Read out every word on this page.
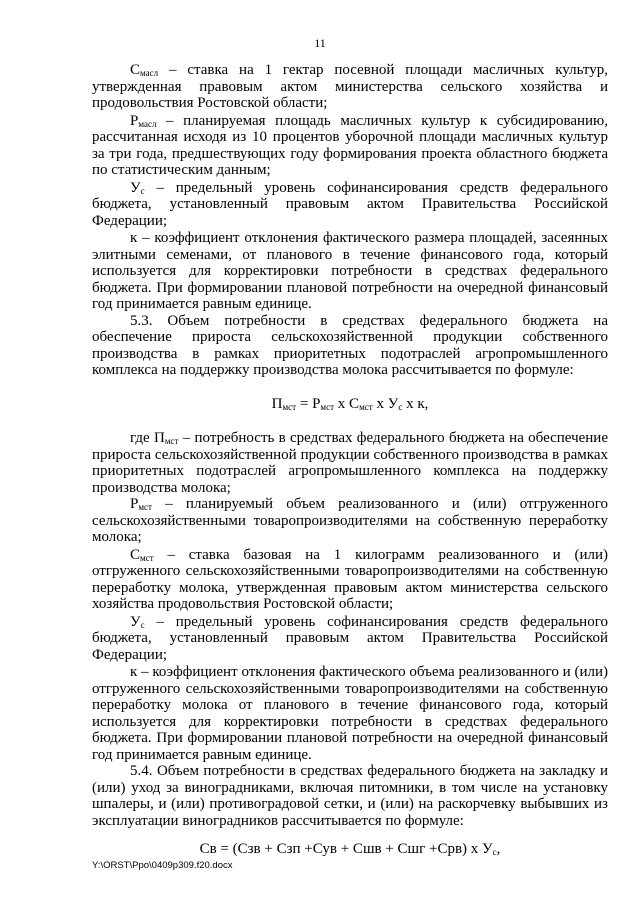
11

$С_{масл}$ – ставка на 1 гектар посевной площади масличных культур, утвержденная правовым актом министерства сельского хозяйства и продовольствия Ростовской области;

$Р_{масл}$ – планируемая площадь масличных культур к субсидированию, рассчитанная исходя из 10 процентов уборочной площади масличных культур за три года, предшествующих году формирования проекта областного бюджета по статистическим данным;

$У_с$ – предельный уровень софинансирования средств федерального бюджета, установленный правовым актом Правительства Российской Федерации;

к – коэффициент отклонения фактического размера площадей, засеянных элитными семенами, от планового в течение финансового года, который используется для корректировки потребности в средствах федерального бюджета. При формировании плановой потребности на очередной финансовый год принимается равным единице.

5.3. Объем потребности в средствах федерального бюджета на обеспечение прироста сельскохозяйственной продукции собственного производства в рамках приоритетных подотраслей агропромышленного комплекса на поддержку производства молока рассчитывается по формуле:

$П_{мст} = Р_{мст}$ x $С_{мст}$ x $У_с$ x к,

где $П_{мст}$ – потребность в средствах федерального бюджета на обеспечение прироста сельскохозяйственной продукции собственного производства в рамках приоритетных подотраслей агропромышленного комплекса на поддержку производства молока;

$Р_{мст}$ – планируемый объем реализованного и (или) отгруженного сельскохозяйственными товаропроизводителями на собственную переработку молока;

$С_{мст}$ – ставка базовая на 1 килограмм реализованного и (или) отгруженного сельскохозяйственными товаропроизводителями на собственную переработку молока, утвержденная правовым актом министерства сельского хозяйства продовольствия Ростовской области;

$У_с$ – предельный уровень софинансирования средств федерального бюджета, установленный правовым актом Правительства Российской Федерации;

к – коэффициент отклонения фактического объема реализованного и (или) отгруженного сельскохозяйственными товаропроизводителями на собственную переработку молока от планового в течение финансового года, который используется для корректировки потребности в средствах федерального бюджета. При формировании плановой потребности на очередной финансовый год принимается равным единице.

5.4. Объем потребности в средствах федерального бюджета на закладку и (или) уход за виноградниками, включая питомники, в том числе на установку шпалеры, и (или) противоградовой сетки, и (или) на раскорчевку выбывших из эксплуатации виноградников рассчитывается по формуле:

Св = (Сзв + Сзп +Сув + Сшв + Сшг +Срв) х $У_с$,

Y:\ORST\Ppo\0409p309.f20.docx
